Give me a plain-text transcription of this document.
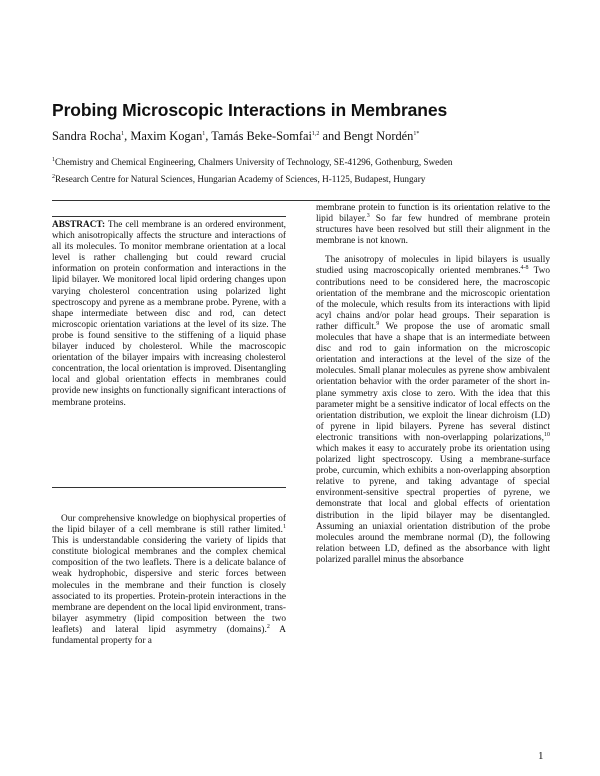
Probing Microscopic Interactions in Membranes
Sandra Rocha$^1$, Maxim Kogan$^1$, Tamás Beke-Somfai$^{1,2}$ and Bengt Nordén$^{1*}$
$^1$Chemistry and Chemical Engineering, Chalmers University of Technology, SE-41296, Gothenburg, Sweden
$^2$Research Centre for Natural Sciences, Hungarian Academy of Sciences, H-1125, Budapest, Hungary

ABSTRACT: The cell membrane is an ordered environment, which anisotropically affects the structure and interactions of all its molecules. To monitor membrane orientation at a local level is rather challenging but could reward crucial information on protein conformation and interactions in the lipid bilayer. We monitored local lipid ordering changes upon varying cholesterol concentration using polarized light spectroscopy and pyrene as a membrane probe. Pyrene, with a shape intermediate between disc and rod, can detect microscopic orientation variations at the level of its size. The probe is found sensitive to the stiffening of a liquid phase bilayer induced by cholesterol. While the macroscopic orientation of the bilayer impairs with increasing cholesterol concentration, the local orientation is improved. Disentangling local and global orientation effects in membranes could provide new insights on functionally significant interactions of membrane proteins.

Our comprehensive knowledge on biophysical properties of the lipid bilayer of a cell membrane is still rather limited.$^1$ This is understandable considering the variety of lipids that constitute biological membranes and the complex chemical composition of the two leaflets. There is a delicate balance of weak hydrophobic, dispersive and steric forces between molecules in the membrane and their function is closely associated to its properties. Protein-protein interactions in the membrane are dependent on the local lipid environment, trans-bilayer asymmetry (lipid composition between the two leaflets) and lateral lipid asymmetry (domains).$^2$ A fundamental property for a

membrane protein to function is its orientation relative to the lipid bilayer.$^3$ So far few hundred of membrane protein structures have been resolved but still their alignment in the membrane is not known.

The anisotropy of molecules in lipid bilayers is usually studied using macroscopically oriented membranes.$^{4-8}$ Two contributions need to be considered here, the macroscopic orientation of the membrane and the microscopic orientation of the molecule, which results from its interactions with lipid acyl chains and/or polar head groups. Their separation is rather difficult.$^9$ We propose the use of aromatic small molecules that have a shape that is an intermediate between disc and rod to gain information on the microscopic orientation and interactions at the level of the size of the molecules. Small planar molecules as pyrene show ambivalent orientation behavior with the order parameter of the short in-plane symmetry axis close to zero. With the idea that this parameter might be a sensitive indicator of local effects on the orientation distribution, we exploit the linear dichroism (LD) of pyrene in lipid bilayers. Pyrene has several distinct electronic transitions with non-overlapping polarizations,$^{10}$ which makes it easy to accurately probe its orientation using polarized light spectroscopy. Using a membrane-surface probe, curcumin, which exhibits a non-overlapping absorption relative to pyrene, and taking advantage of special environment-sensitive spectral properties of pyrene, we demonstrate that local and global effects of orientation distribution in the lipid bilayer may be disentangled. Assuming an uniaxial orientation distribution of the probe molecules around the membrane normal (D), the following relation between LD, defined as the absorbance with light polarized parallel minus the absorbance

1
